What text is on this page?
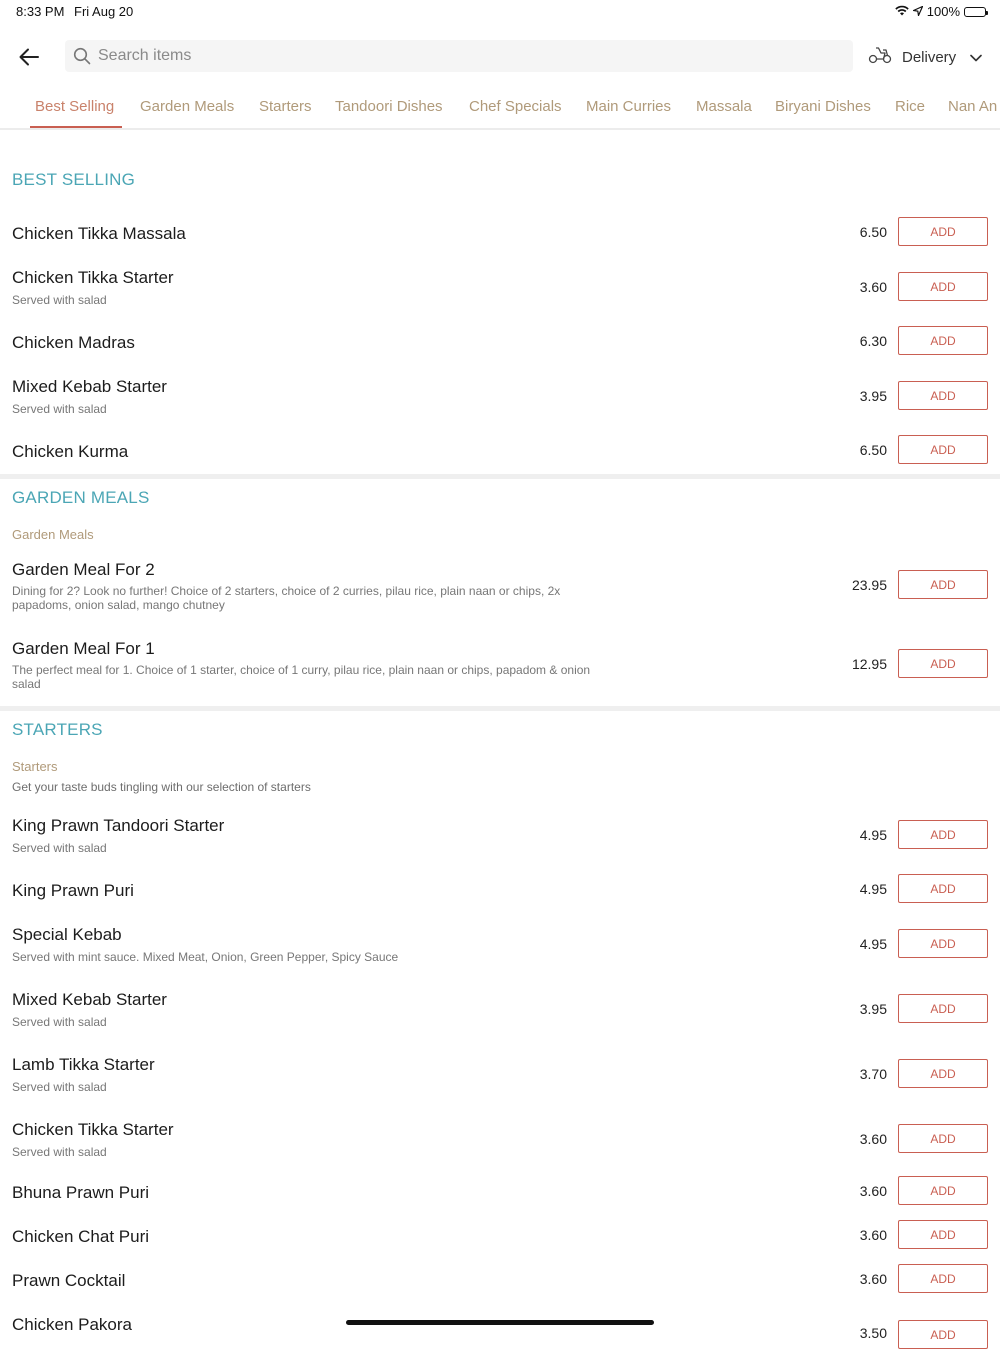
8:33 PM Fri Aug 20	100%
Search items
Delivery
Best Selling Garden Meals Starters Tandoori Dishes Chef Specials Main Curries Massala Biryani Dishes Rice Nan An
BEST SELLING
Chicken Tikka Massala	6.50	ADD
Chicken Tikka Starter
Served with salad
3.60	ADD
Chicken Madras	6.30	ADD
Mixed Kebab Starter
Served with salad
3.95	ADD
Chicken Kurma	6.50	ADD
GARDEN MEALS
Garden Meals
Garden Meal For 2
Dining for 2? Look no further! Choice of 2 starters, choice of 2 curries, pilau rice, plain naan or chips, 2x papadoms, onion salad, mango chutney
23.95	ADD
Garden Meal For 1
The perfect meal for 1. Choice of 1 starter, choice of 1 curry, pilau rice, plain naan or chips, papadom & onion salad
12.95	ADD
STARTERS
Starters
Get your taste buds tingling with our selection of starters
King Prawn Tandoori Starter
Served with salad
4.95	ADD
King Prawn Puri	4.95	ADD
Special Kebab
Served with mint sauce. Mixed Meat, Onion, Green Pepper, Spicy Sauce
4.95	ADD
Mixed Kebab Starter
Served with salad
3.95	ADD
Lamb Tikka Starter
Served with salad
3.70	ADD
Chicken Tikka Starter
Served with salad
3.60	ADD
Bhuna Prawn Puri	3.60	ADD
Chicken Chat Puri	3.60	ADD
Prawn Cocktail	3.60	ADD
Chicken Pakora	3.50	ADD
